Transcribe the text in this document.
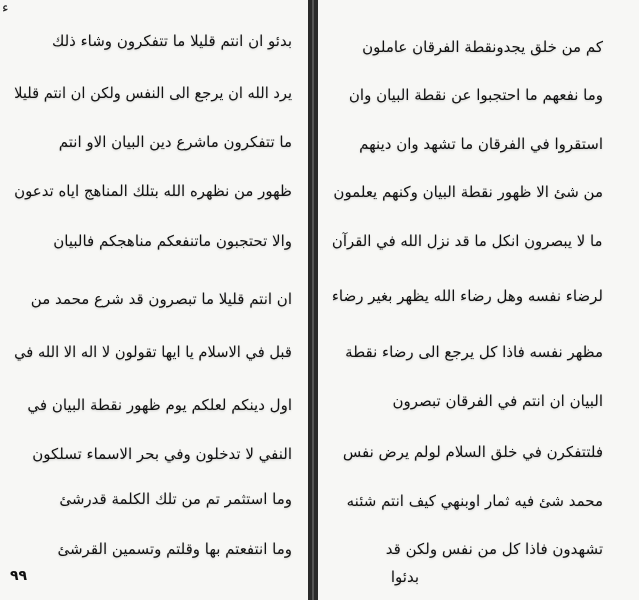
ء
بدئو ان انتم قليلا ما تتفكرون وشاء ذلك
يرد الله ان يرجع الى النفس ولكن ان انتم قليلا
ما تتفكرون ماشرع دين البيان الاو انتم
ظهور من نظهره الله بتلك المناهج اياه تدعون
والا تحتجبون ماتنفعكم مناهجكم فالبيان
ان انتم قليلا ما تبصرون قد شرع محمد من
قبل في الاسلام يا ايها تقولون لا اله الا الله في
اول دينكم لعلكم يوم ظهور نقطة البيان في
النفي لا تدخلون وفي بحر الاسماء تسلكون
وما استثمر تم من تلك الكلمة قدرشئ
وما انتفعتم بها وقلتم وتسمين القرشئ
٩٩
كم من خلق يجدونقطة الفرقان عاملون
وما نفعهم ما احتجبوا عن نقطة البيان وان
استقروا في الفرقان ما تشهد وان دينهم
من شئ الا ظهور نقطة البيان وكنهم يعلمون
ما لا يبصرون انكل ما قد نزل الله في القرآن
لرضاء نفسه وهل رضاء الله يظهر بغير رضاء
مظهر نفسه فاذا كل يرجع الى رضاء نقطة
البيان ان انتم في الفرقان تبصرون
فلتتفكرن في خلق السلام لولم يرض نفس
محمد شئ فيه ثمار اوبنهي كيف انتم شئنه
تشهدون فاذا كل من نفس ولكن قد
بدئوا
